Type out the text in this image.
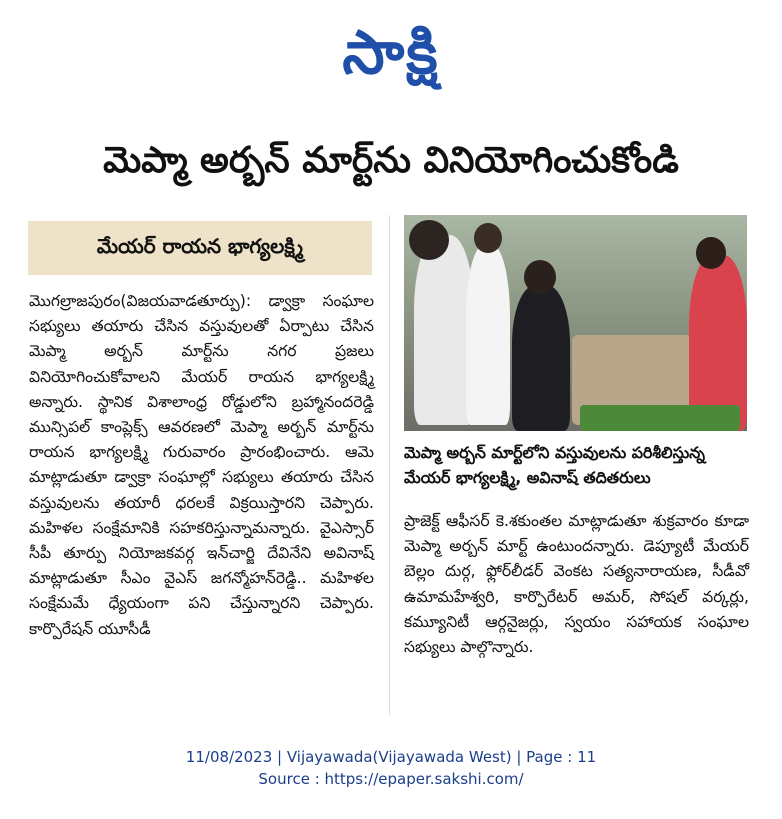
సాక్షి
మెప్మా అర్బన్ మార్ట్‌ను వినియోగించుకోండి
మేయర్ రాయన భాగ్యలక్ష్మి
మొగల్రాజపురం(విజయవాడతూర్పు): డ్వాక్రా సంఘాల సభ్యులు తయారు చేసిన వస్తువులతో ఏర్పాటు చేసిన మెప్మా అర్బన్ మార్ట్‌ను నగర ప్రజలు వినియోగించుకోవాలని మేయర్ రాయన భాగ్యలక్ష్మి అన్నారు. స్థానిక విశాలాంధ్ర రోడ్డులోని బ్రహ్మానందరెడ్డి మున్సిపల్ కాంప్లెక్స్ ఆవరణలో మెప్మా అర్బన్ మార్ట్‌ను రాయన భాగ్యలక్ష్మి గురువారం ప్రారంభించారు. ఆమె మాట్లాడుతూ డ్వాక్రా సంఘాల్లో సభ్యులు తయారు చేసిన వస్తువులను తయారీ ధరలకే విక్రయిస్తారని చెప్పారు. మహిళల సంక్షేమానికి సహకరిస్తున్నామన్నారు. వైఎస్సార్ సీపీ తూర్పు నియోజకవర్గ ఇన్‌చార్జి దేవినేని అవినాష్ మాట్లాడుతూ సీఎం వైఎస్ జగన్మోహన్‌రెడ్డి.. మహిళల సంక్షేమమే ధ్యేయంగా పని చేస్తున్నారని చెప్పారు. కార్పొరేషన్ యూసీడీ
మెప్మా అర్బన్ మార్ట్‌లోని వస్తువులను పరిశీలిస్తున్న మేయర్ భాగ్యలక్ష్మి, అవినాష్ తదితరులు
ప్రాజెక్ట్ ఆఫీసర్ కె.శకుంతల మాట్లాడుతూ శుక్రవారం కూడా మెప్మా అర్బన్ మార్ట్ ఉంటుందన్నారు. డెప్యూటీ మేయర్ బెల్లం దుర్గ, ఫ్లోర్‌లీడర్ వెంకట సత్యనారాయణ, సీడీవో ఉమామహేశ్వరి, కార్పొరేటర్ అమర్, సోషల్ వర్కర్లు, కమ్యూనిటీ ఆర్గనైజర్లు, స్వయం సహాయక సంఘాల సభ్యులు పాల్గొన్నారు.
11/08/2023 | Vijayawada(Vijayawada West) | Page : 11
Source : https://epaper.sakshi.com/
